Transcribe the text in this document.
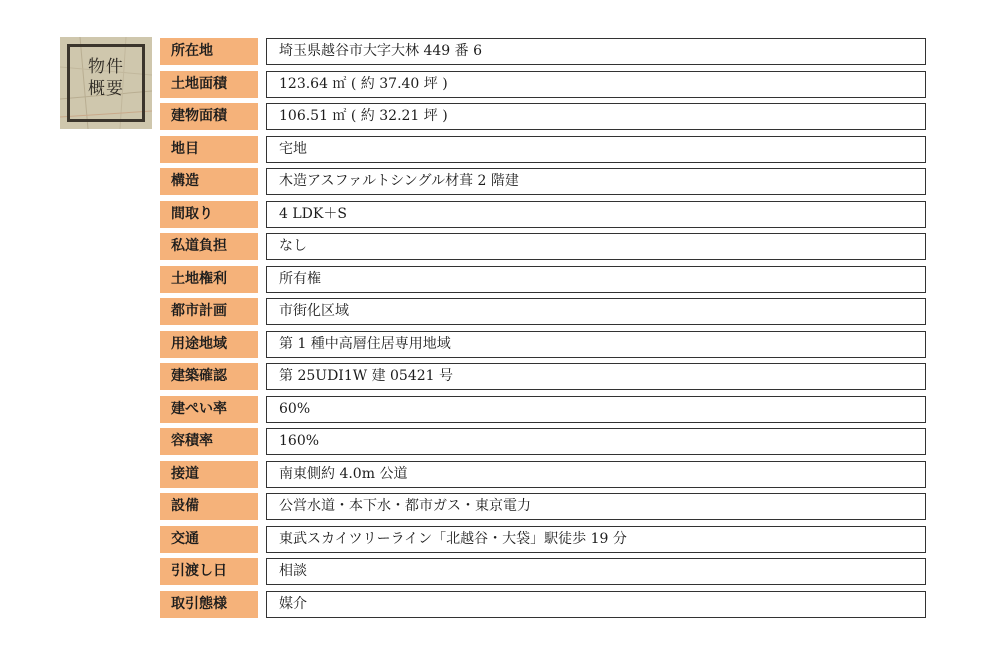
物件
概要
所在地	埼玉県越谷市大字大林 449 番 6
土地面積	123.64 ㎡ ( 約 37.40 坪 )
建物面積	106.51 ㎡ ( 約 32.21 坪 )
地目	宅地
構造	木造アスファルトシングル材葺 2 階建
間取り	4 LDK＋S
私道負担	なし
土地権利	所有権
都市計画	市街化区域
用途地域	第 1 種中高層住居専用地域
建築確認	第 25UDI1W 建 05421 号
建ぺい率	60%
容積率	160%
接道	南東側約 4.0m 公道
設備	公営水道・本下水・都市ガス・東京電力
交通	東武スカイツリーライン「北越谷・大袋」駅徒歩 19 分
引渡し日	相談
取引態様	媒介
